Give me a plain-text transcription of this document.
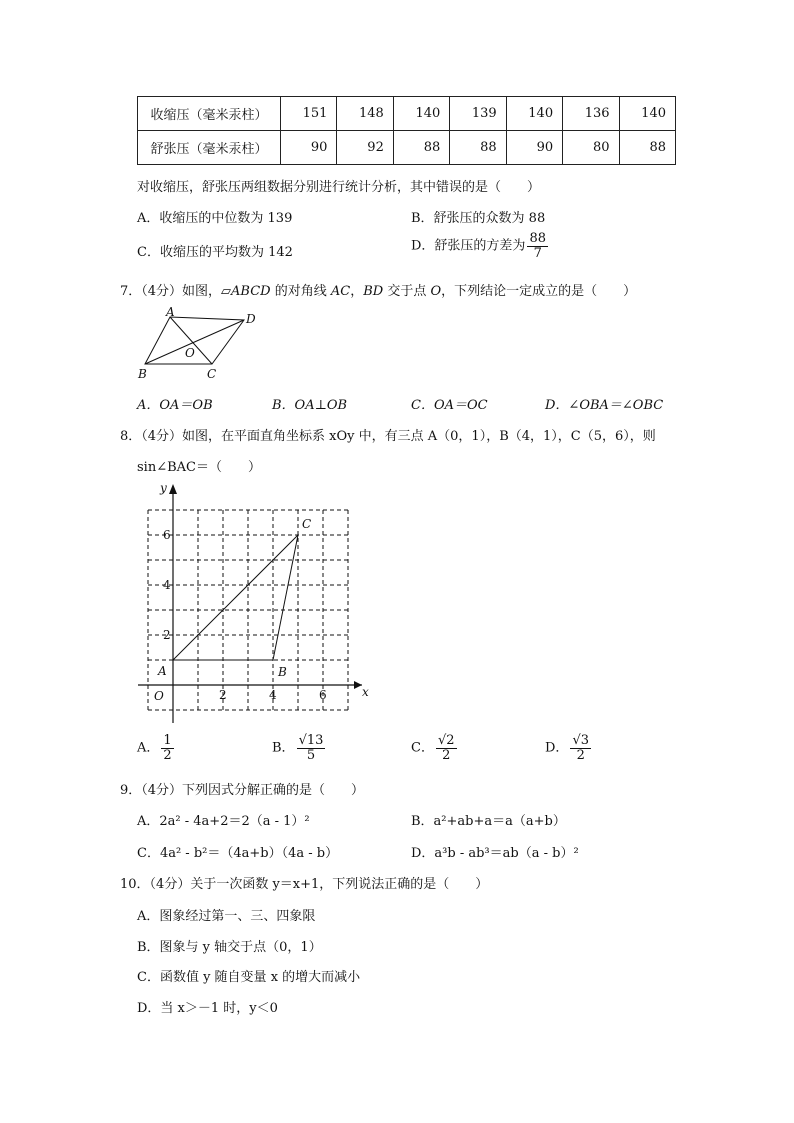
收缩压（毫米汞柱）	151	148	140	139	140	136	140
舒张压（毫米汞柱）	90	92	88	88	90	80	88
对收缩压，舒张压两组数据分别进行统计分析，其中错误的是（　　）
A．收缩压的中位数为 139	B．舒张压的众数为 88
C．收缩压的平均数为 142	D．舒张压的方差为 $\frac{88}{7}$
7．（4分）如图，▱ABCD 的对角线 AC，BD 交于点 O，下列结论一定成立的是（　　）
A	D
B	C
O
A．OA＝OB	B．OA⊥OB	C．OA＝OC	D．∠OBA＝∠OBC
8．（4分）如图，在平面直角坐标系 xOy 中，有三点 A（0，1），B（4，1），C（5，6），则
sin∠BAC＝（　　）
y
x
O
A	B
C
6
4
2
2	4	6
A． $\frac{1}{2}$	B． $\frac{√13}{5}$	C． $\frac{√2}{2}$	D． $\frac{√3}{2}$
9．（4分）下列因式分解正确的是（　　）
A．2a² - 4a+2＝2（a - 1）²	B．a²+ab+a＝a（a+b）
C．4a² - b²＝（4a+b）（4a - b）	D．a³b - ab³＝ab（a - b）²
10．（4分）关于一次函数 y＝x+1，下列说法正确的是（　　）
A．图象经过第一、三、四象限
B．图象与 y 轴交于点（0，1）
C．函数值 y 随自变量 x 的增大而减小
D．当 x＞－1 时，y＜0
